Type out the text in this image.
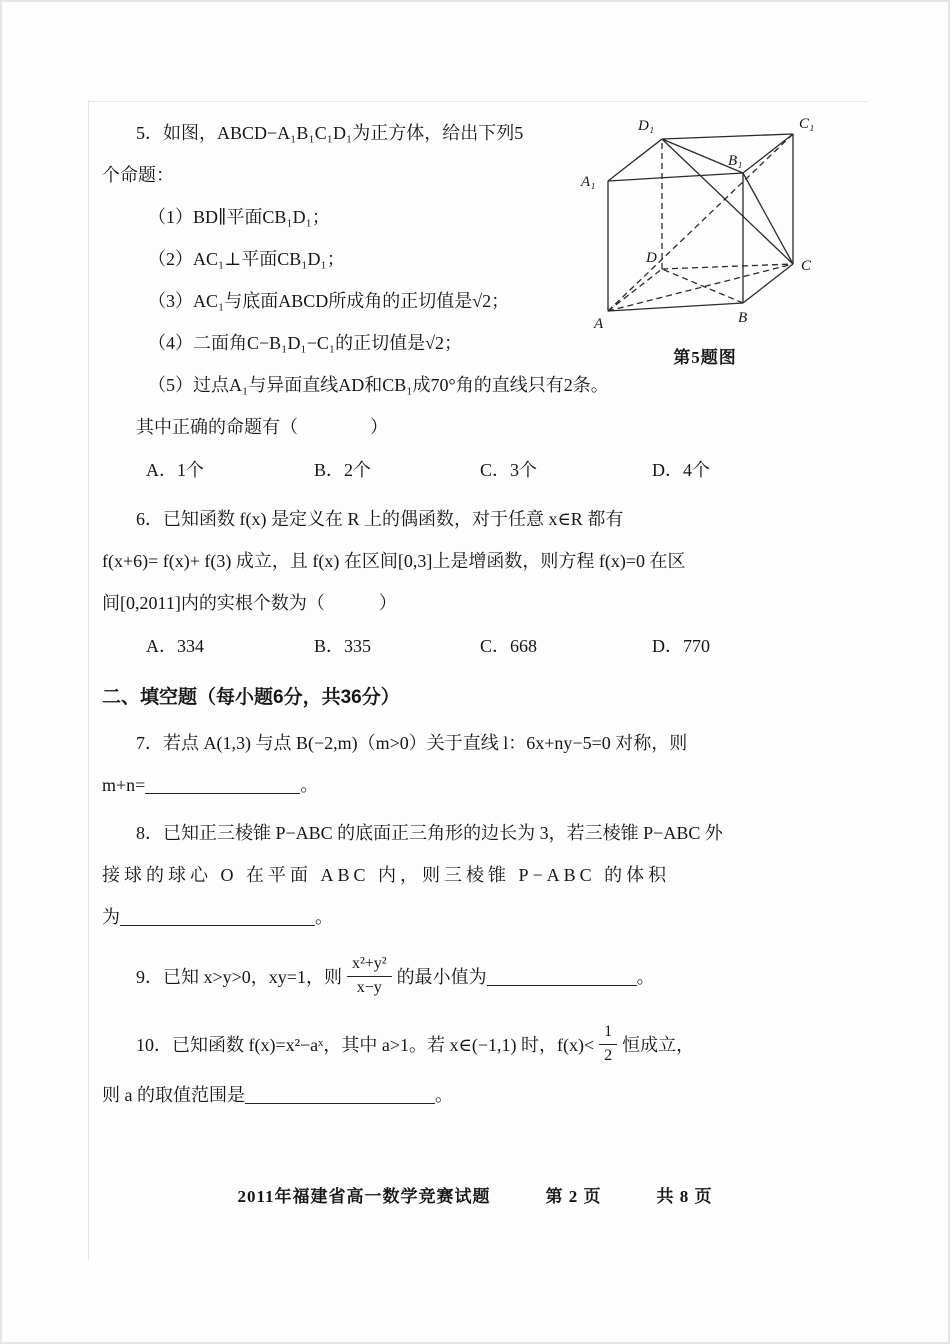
A	B
C
D
A₁
B₁
C₁
D₁
第5题图
5．如图，ABCD−A₁B₁C₁D₁为正方体，给出下列5
个命题：
（1）BD∥平面CB₁D₁；
（2）AC₁⊥平面CB₁D₁；
（3）AC₁与底面ABCD所成角的正切值是√2；
（4）二面角C−B₁D₁−C₁的正切值是√2；
（5）过点A₁与异面直线AD和CB₁成70°角的直线只有2条。
其中正确的命题有（　　　　）
A．1个	B．2个	C．3个	D．4个
6．已知函数 f(x) 是定义在 R 上的偶函数，对于任意 x∈R 都有
f(x+6)= f(x)+ f(3) 成立，且 f(x) 在区间[0,3]上是增函数，则方程 f(x)=0 在区
间[0,2011]内的实根个数为（　　　）
A．334	B．335	C．668	D．770
二、填空题（每小题6分，共36分）
7．若点 A(1,3) 与点 B(−2,m)（m>0）关于直线 l：6x+ny−5=0 对称，则
m+n=	。
8．已知正三棱锥 P−ABC 的底面正三角形的边长为 3，若三棱锥 P−ABC 外
接球的球心 O 在平面 ABC 内，则三棱锥 P−ABC 的体积
为	。
9．已知 x>y>0，xy=1，则 $\frac{\text{x²+y²}}{x-y}$ 的最小值为	。
10．已知函数 f(x)=x²−aˣ，其中 a>1。若 x∈(−1,1) 时，$f(x)< \frac{1}{2}$ 恒成立，
则 a 的取值范围是	。
2011年福建省高一数学竞赛试题	第 2 页	共 8 页
